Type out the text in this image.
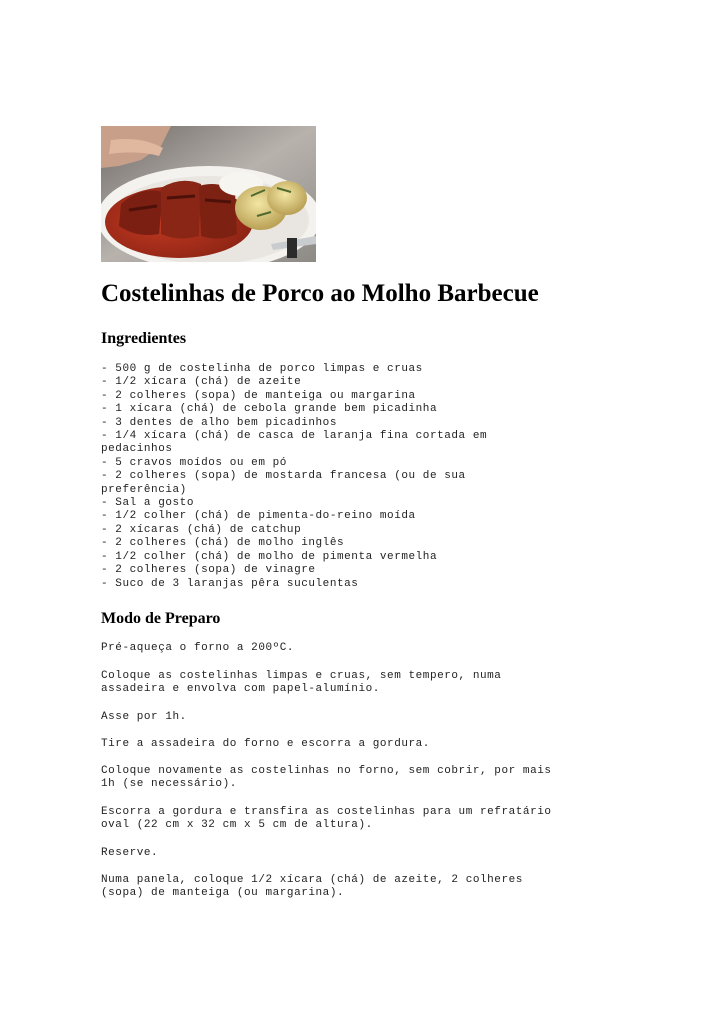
Costelinhas de Porco ao Molho Barbecue
Ingredientes
- 500 g de costelinha de porco limpas e cruas
- 1/2 xícara (chá) de azeite
- 2 colheres (sopa) de manteiga ou margarina
- 1 xícara (chá) de cebola grande bem picadinha
- 3 dentes de alho bem picadinhos
- 1/4 xícara (chá) de casca de laranja fina cortada em
pedacinhos
- 5 cravos moídos ou em pó
- 2 colheres (sopa) de mostarda francesa (ou de sua
preferência)
- Sal a gosto
- 1/2 colher (chá) de pimenta-do-reino moída
- 2 xícaras (chá) de catchup
- 2 colheres (chá) de molho inglês
- 1/2 colher (chá) de molho de pimenta vermelha
- 2 colheres (sopa) de vinagre
- Suco de 3 laranjas pêra suculentas
Modo de Preparo
Pré-aqueça o forno a 200ºC.
Coloque as costelinhas limpas e cruas, sem tempero, numa
assadeira e envolva com papel-alumínio.
Asse por 1h.
Tire a assadeira do forno e escorra a gordura.
Coloque novamente as costelinhas no forno, sem cobrir, por mais
1h (se necessário).
Escorra a gordura e transfira as costelinhas para um refratário
oval (22 cm x 32 cm x 5 cm de altura).
Reserve.
Numa panela, coloque 1/2 xícara (chá) de azeite, 2 colheres
(sopa) de manteiga (ou margarina).
